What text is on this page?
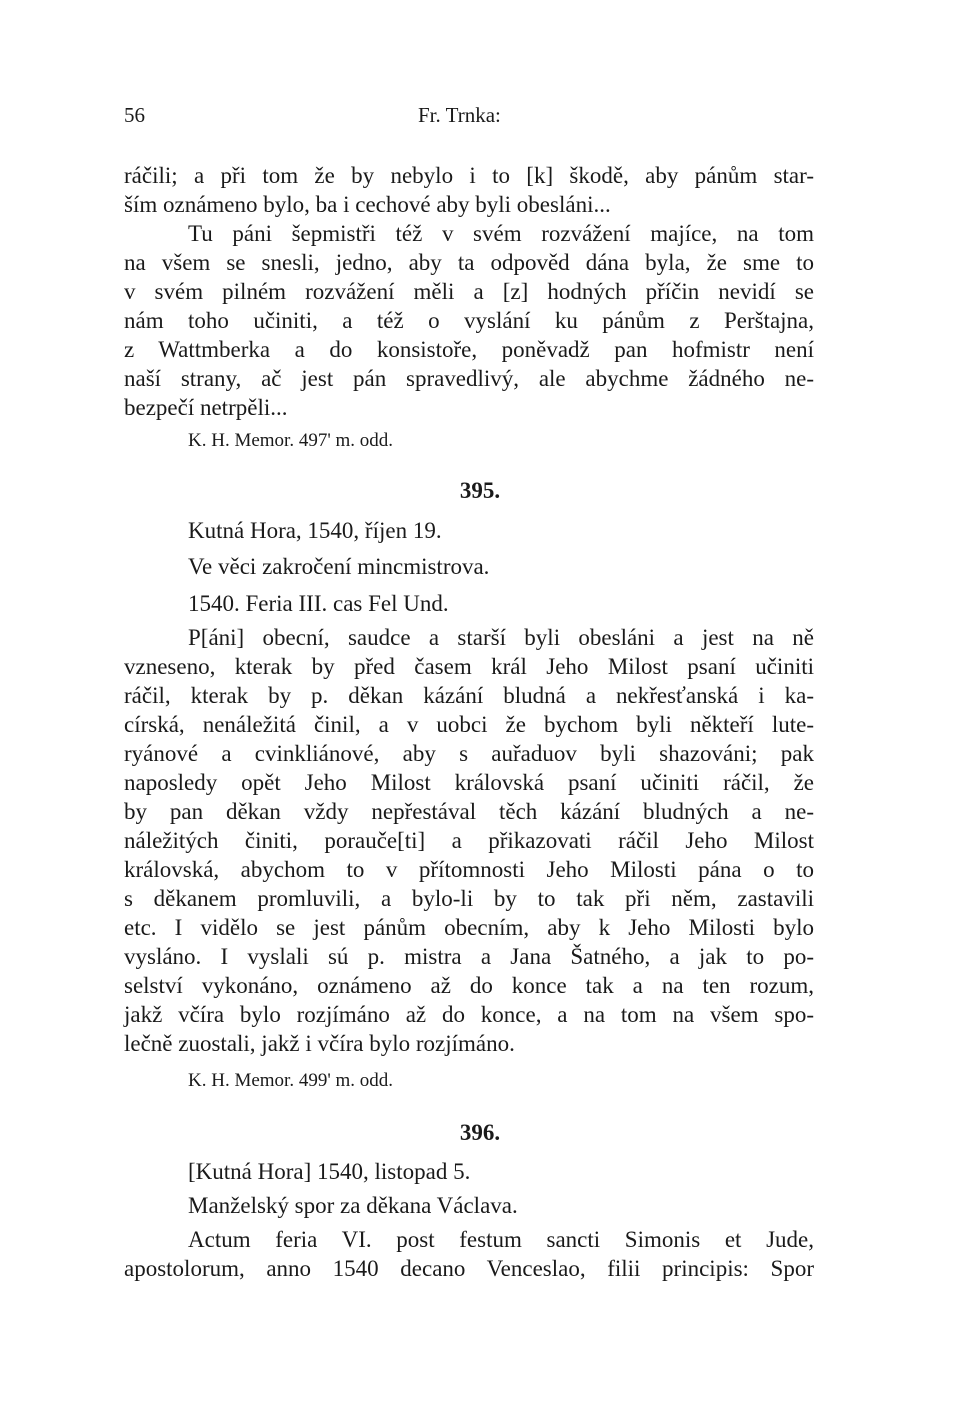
56	Fr. Trnka:
ráčili; a při tom že by nebylo i to [k] škodě, aby pánům star-
ším oznámeno bylo, ba i cechové aby byli obesláni...
Tu páni šepmistři též v svém rozvážení majíce, na tom
na všem se snesli, jedno, aby ta odpověd dána byla, že sme to
v svém pilném rozvážení měli a [z] hodných příčin nevidí se
nám toho učiniti, a též o vyslání ku pánům z Perštajna,
z Wattmberka a do konsistoře, poněvadž pan hofmistr není
naší strany, ač jest pán spravedlivý, ale abychme žádného ne-
bezpečí netrpěli...
K. H. Memor. 497' m. odd.
395.
Kutná Hora, 1540, říjen 19.
Ve věci zakročení mincmistrova.
1540. Feria III. cas Fel Und.
P[áni] obecní, saudce a starší byli obesláni a jest na ně
vzneseno, kterak by před časem král Jeho Milost psaní učiniti
ráčil, kterak by p. děkan kázání bludná a nekřesťanská i ka-
círská, nenáležitá činil, a v uobci že bychom byli někteří lute-
ryánové a cvinkliánové, aby s auřaduov byli shazováni; pak
naposledy opět Jeho Milost královská psaní učiniti ráčil, že
by pan děkan vždy nepřestával těch kázání bludných a ne-
náležitých činiti, porauče[ti] a přikazovati ráčil Jeho Milost
královská, abychom to v přítomnosti Jeho Milosti pána o to
s děkanem promluvili, a bylo-li by to tak při něm, zastavili
etc. I vidělo se jest pánům obecním, aby k Jeho Milosti bylo
vysláno. I vyslali sú p. mistra a Jana Šatného, a jak to po-
selství vykonáno, oznámeno až do konce tak a na ten rozum,
jakž včíra bylo rozjímáno až do konce, a na tom na všem spo-
lečně zuostali, jakž i včíra bylo rozjímáno.
K. H. Memor. 499' m. odd.
396.
[Kutná Hora] 1540, listopad 5.
Manželský spor za děkana Václava.
Actum feria VI. post festum sancti Simonis et Jude,
apostolorum, anno 1540 decano Venceslao, filii principis: Spor
